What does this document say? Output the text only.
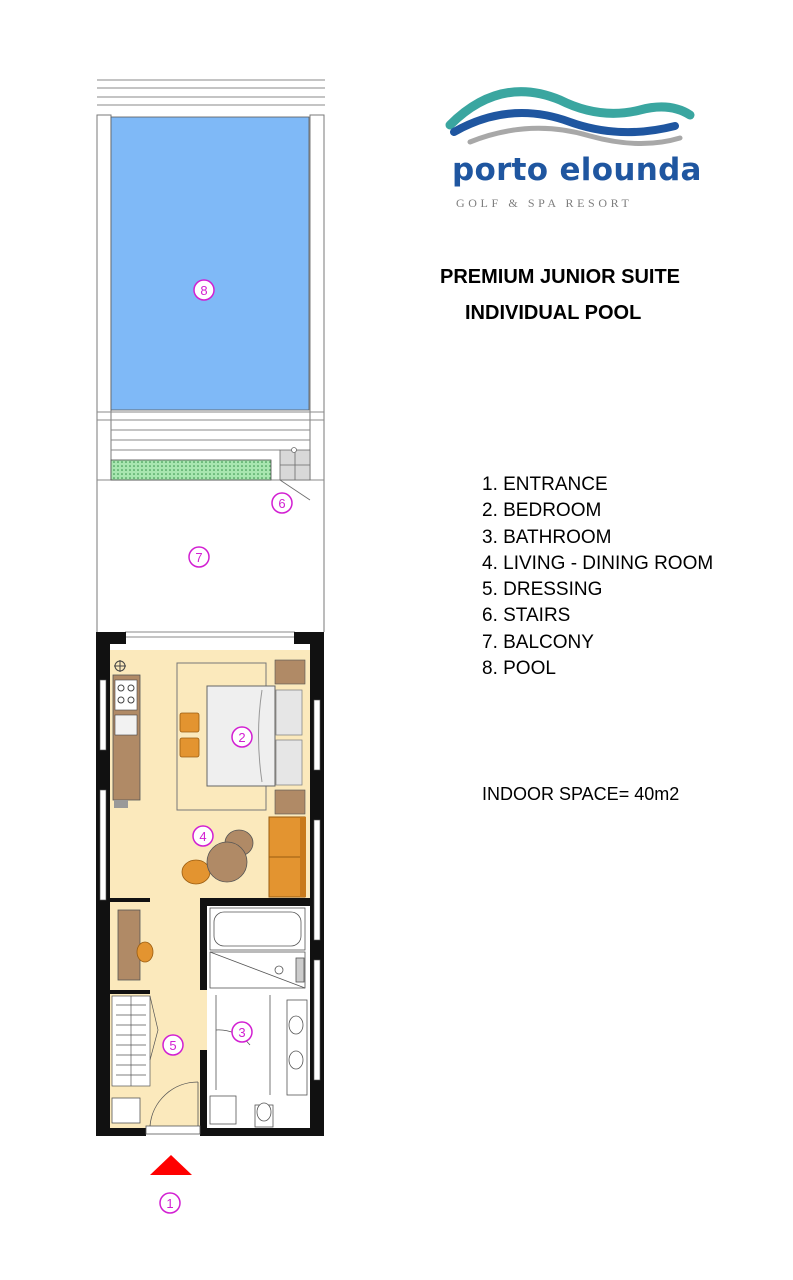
1
2
3
4
5
6
7
8
porto elounda
GOLF & SPA RESORT
PREMIUM JUNIOR SUITE
INDIVIDUAL POOL
1. ENTRANCE
2. BEDROOM
3. BATHROOM
4. LIVING - DINING ROOM
5. DRESSING
6. STAIRS
7. BALCONY
8. POOL
INDOOR SPACE= 40m2
